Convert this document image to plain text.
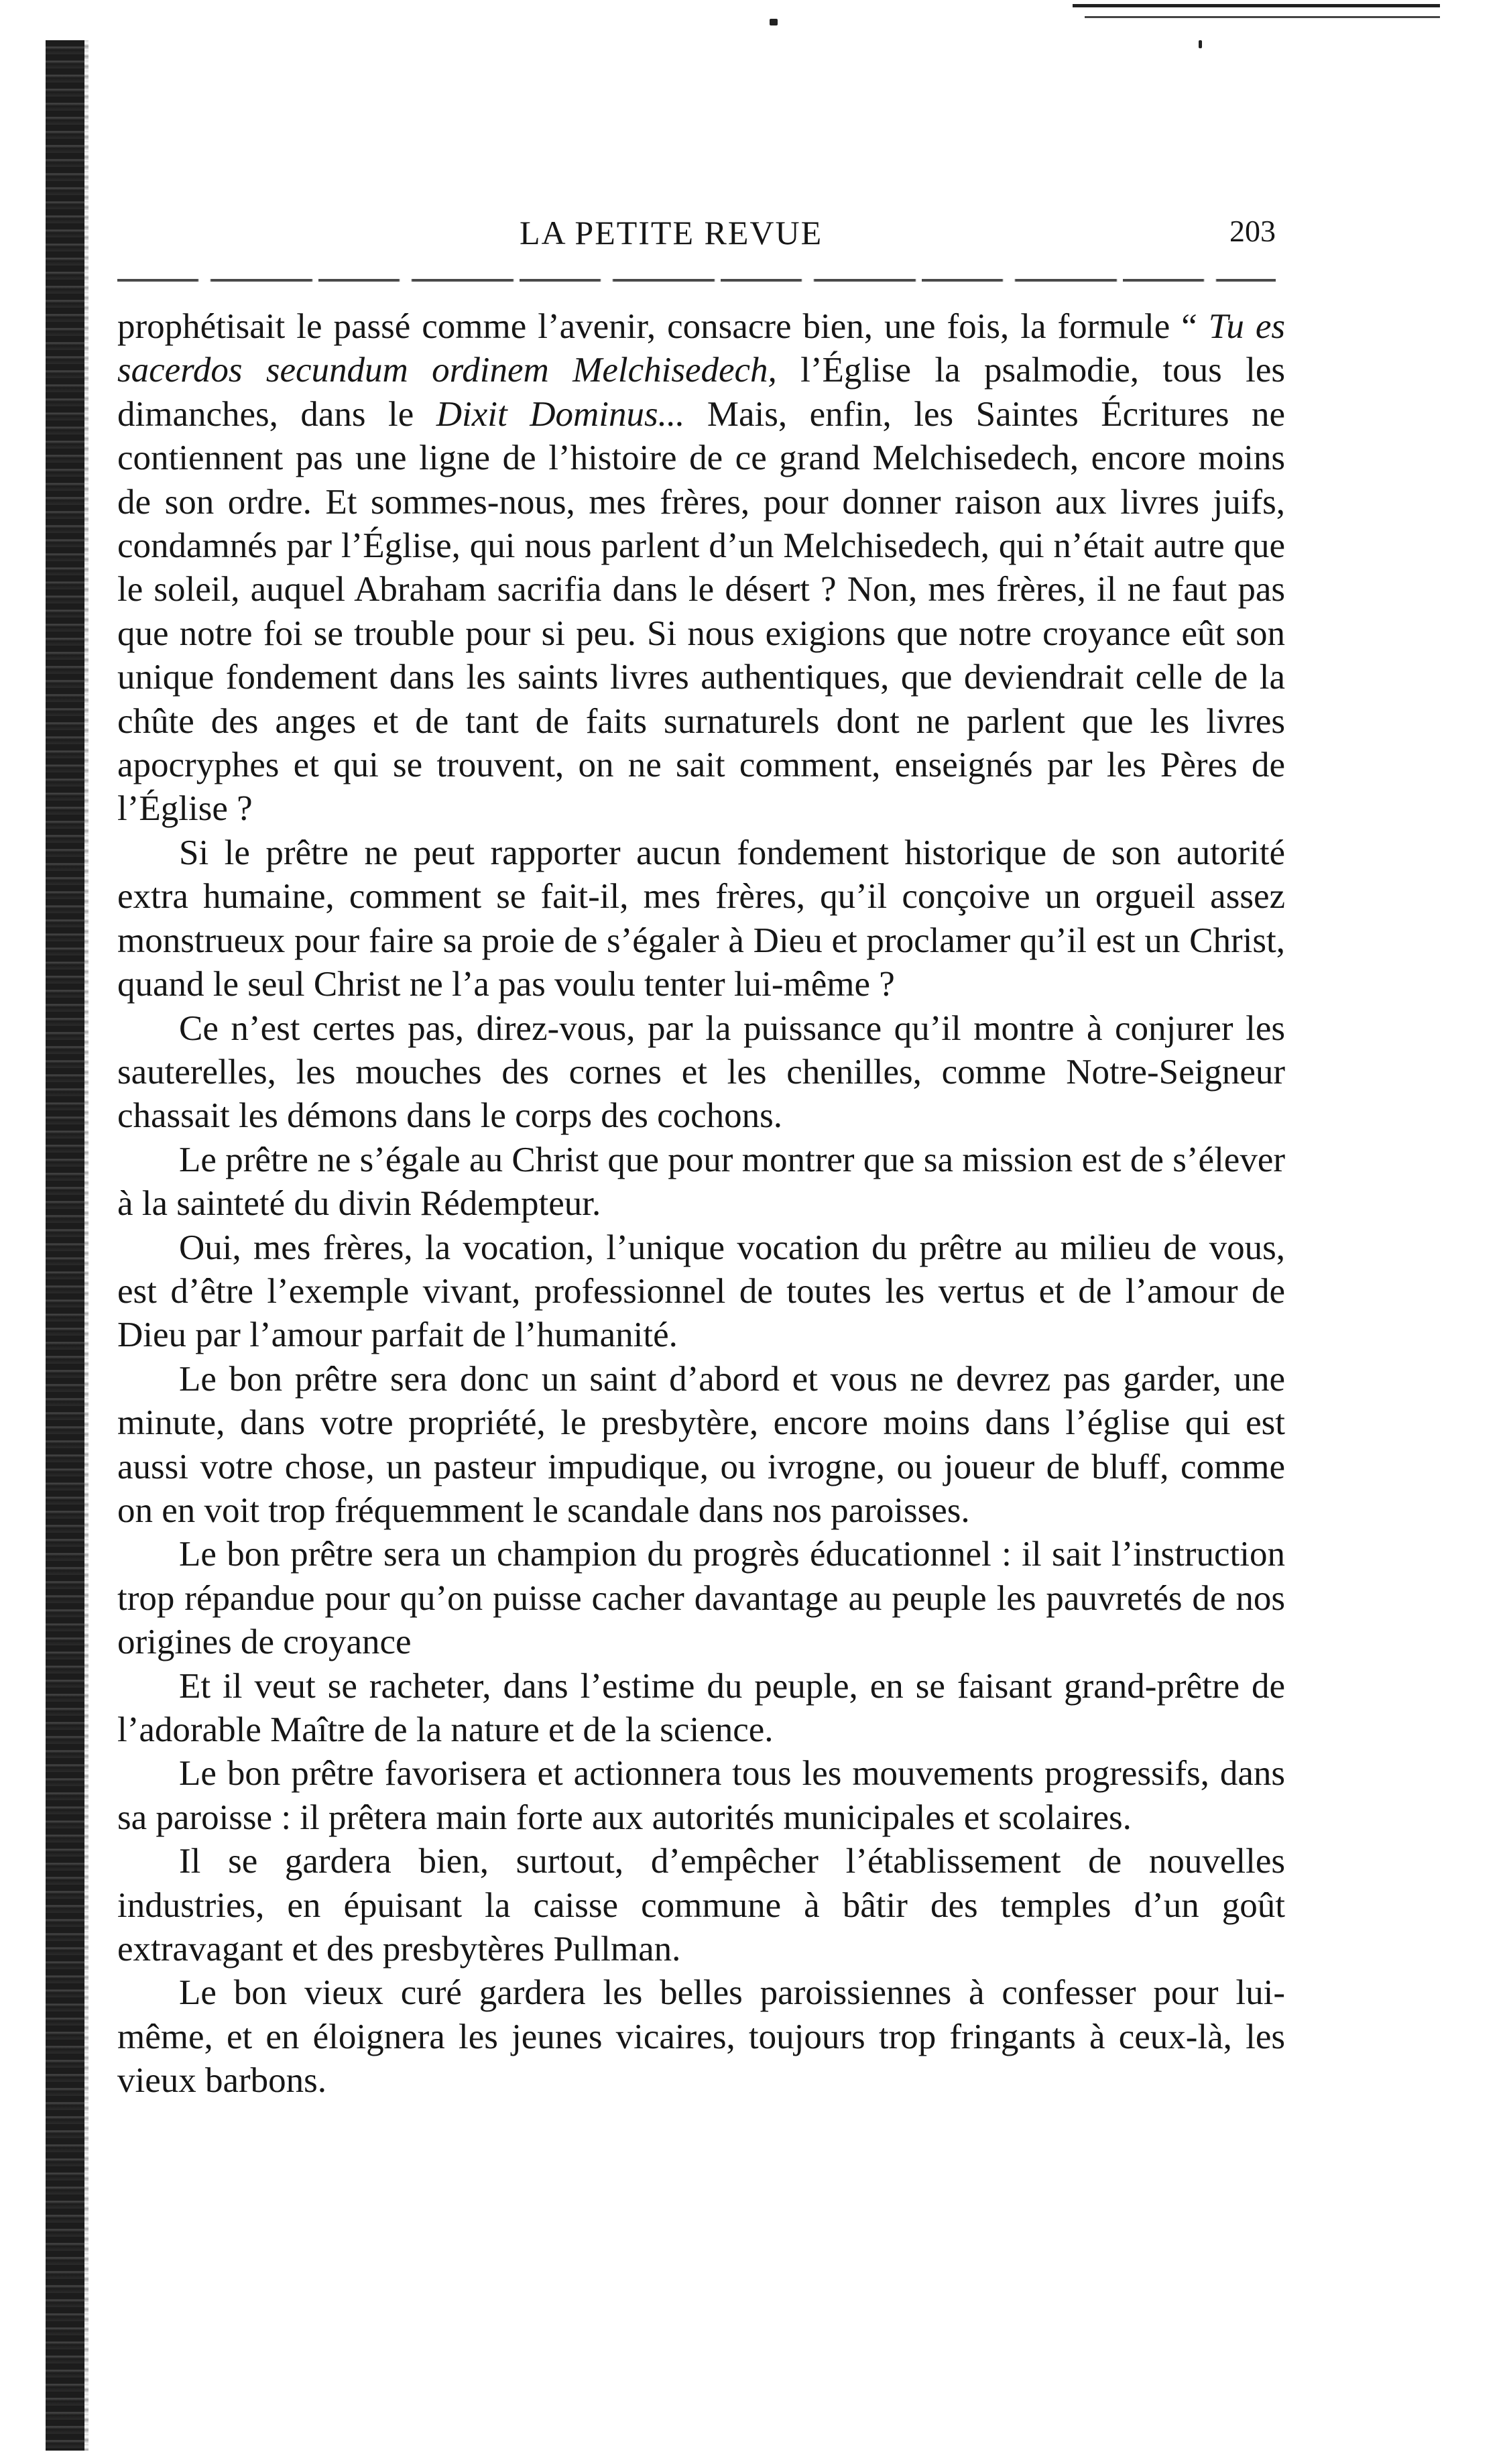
LA PETITE REVUE	203

prophétisait le passé comme l’avenir, consacre bien, une fois, la formule “ Tu es sacerdos secundum ordinem Melchisedech, l’Église la psalmodie, tous les dimanches, dans le Dixit Dominus... Mais, enfin, les Saintes Écritures ne contiennent pas une ligne de l’histoire de ce grand Melchisedech, encore moins de son ordre. Et sommes-nous, mes frères, pour donner raison aux livres juifs, condamnés par l’Église, qui nous parlent d’un Melchisedech, qui n’était autre que le soleil, auquel Abraham sacrifia dans le désert ? Non, mes frères, il ne faut pas que notre foi se trouble pour si peu. Si nous exigions que notre croyance eût son unique fondement dans les saints livres authentiques, que deviendrait celle de la chûte des anges et de tant de faits surnaturels dont ne parlent que les livres apocryphes et qui se trouvent, on ne sait comment, enseignés par les Pères de l’Église ?

Si le prêtre ne peut rapporter aucun fondement historique de son autorité extra humaine, comment se fait-il, mes frères, qu’il conçoive un orgueil assez monstrueux pour faire sa proie de s’égaler à Dieu et proclamer qu’il est un Christ, quand le seul Christ ne l’a pas voulu tenter lui-même ?

Ce n’est certes pas, direz-vous, par la puissance qu’il montre à conjurer les sauterelles, les mouches des cornes et les chenilles, comme Notre-Seigneur chassait les démons dans le corps des cochons.

Le prêtre ne s’égale au Christ que pour montrer que sa mission est de s’élever à la sainteté du divin Rédempteur.

Oui, mes frères, la vocation, l’unique vocation du prêtre au milieu de vous, est d’être l’exemple vivant, professionnel de toutes les vertus et de l’amour de Dieu par l’amour parfait de l’humanité.

Le bon prêtre sera donc un saint d’abord et vous ne devrez pas garder, une minute, dans votre propriété, le presbytère, encore moins dans l’église qui est aussi votre chose, un pasteur impudique, ou ivrogne, ou joueur de bluff, comme on en voit trop fréquemment le scandale dans nos paroisses.

Le bon prêtre sera un champion du progrès éducationnel : il sait l’instruction trop répandue pour qu’on puisse cacher davantage au peuple les pauvretés de nos origines de croyance

Et il veut se racheter, dans l’estime du peuple, en se faisant grand-prêtre de l’adorable Maître de la nature et de la science.

Le bon prêtre favorisera et actionnera tous les mouvements progressifs, dans sa paroisse : il prêtera main forte aux autorités municipales et scolaires.

Il se gardera bien, surtout, d’empêcher l’établissement de nouvelles industries, en épuisant la caisse commune à bâtir des temples d’un goût extravagant et des presbytères Pullman.

Le bon vieux curé gardera les belles paroissiennes à confesser pour lui-même, et en éloignera les jeunes vicaires, toujours trop fringants à ceux-là, les vieux barbons.
